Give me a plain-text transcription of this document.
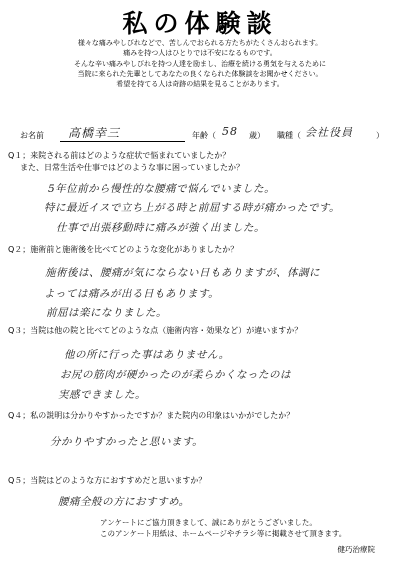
私の体験談
様々な痛みやしびれなどで、苦しんでおられる方たちがたくさんおられます。
痛みを持つ人はひとりでは不安になるものです。
そんな辛い痛みやしびれを持つ人達を励まし、治療を続ける勇気を与えるために
当院に来られた先輩としてあなたの良くなられた体験談をお聞かせください。
希望を持てる人は奇跡の結果を見ることがあります。
お名前 高橋幸三	年齢（ 58 歳） 職種（ 会社役員	）
Q１；来院される前はどのような症状で悩まれていましたか？
また、日常生活や仕事ではどのような事に困っていましたか？
5年位前から慢性的な腰痛で悩んでいました。
特に最近イスで立ち上がる時と前屈する時が痛かったです。
仕事で出張移動時に痛みが強く出ました。
Q２；施術前と施術後を比べてどのような変化がありましたか？
施術後は、腰痛が気にならない日もありますが、体調に
よっては痛みが出る日もあります。
前屈は楽になりました。
Q３；当院は他の院と比べてどのような点（施術内容・効果など）が違いますか？
他の所に行った事はありません。
お尻の筋肉が硬かったのが柔らかくなったのは
実感できました。
Q４；私の説明は分かりやすかったですか？また院内の印象はいかがでしたか？
分かりやすかったと思います。
Q５；当院はどのような方におすすめだと思いますか？
腰痛全般の方におすすめ。
アンケートにご協力頂きまして、誠にありがとうございました。
このアンケート用紙は、ホームページやチラシ等に掲載させて頂きます。
健巧治療院
